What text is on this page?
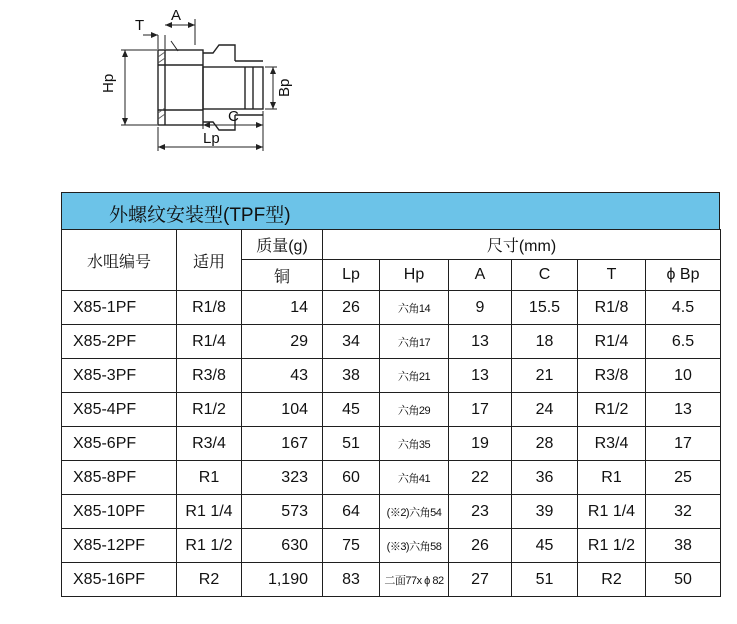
T
A
Hp	Bp
C
Lp
外螺纹安装型(TPF型)
水咀编号	适用	质量(g)	尺寸(mm)					
		铜	Lp	Hp	A	C	T	ϕ Bp
X85-1PF	R1/8	14	26	六角14	9	15.5	R1/8	4.5
X85-2PF	R1/4	29	34	六角17	13	18	R1/4	6.5
X85-3PF	R3/8	43	38	六角21	13	21	R3/8	10
X85-4PF	R1/2	104	45	六角29	17	24	R1/2	13
X85-6PF	R3/4	167	51	六角35	19	28	R3/4	17
X85-8PF	R1	323	60	六角41	22	36	R1	25
X85-10PF	R1 1/4	573	64	(※2)六角54	23	39	R1 1/4	32
X85-12PF	R1 1/2	630	75	(※3)六角58	26	45	R1 1/2	38
X85-16PF	R2	1,190	83	二面77x ϕ 82	27	51	R2	50
